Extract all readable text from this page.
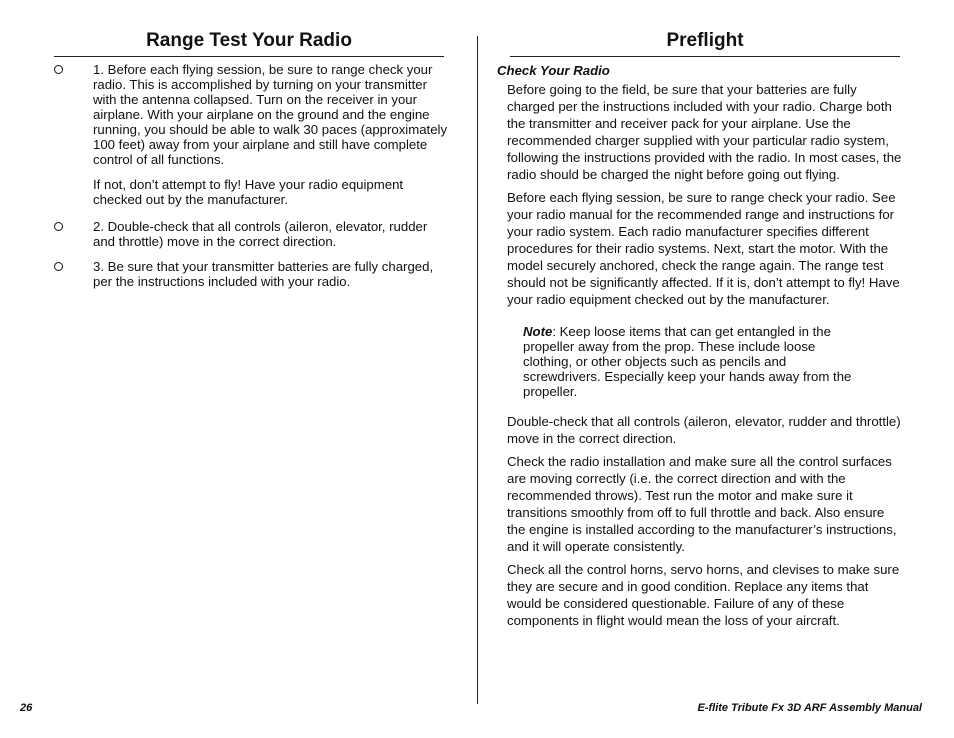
Range Test Your Radio	Preflight

1. Before each flying session, be sure to range check your radio. This is accomplished by turning on your transmitter with the antenna collapsed. Turn on the receiver in your airplane. With your airplane on the ground and the engine running, you should be able to walk 30 paces (approximately 100 feet) away from your airplane and still have complete control of all functions.

If not, don’t attempt to fly! Have your radio equipment checked out by the manufacturer.

2. Double-check that all controls (aileron, elevator, rudder and throttle) move in the correct direction.

3. Be sure that your transmitter batteries are fully charged, per the instructions included with your radio.

Check Your Radio

Before going to the field, be sure that your batteries are fully charged per the instructions included with your radio. Charge both the transmitter and receiver pack for your airplane. Use the recommended charger supplied with your particular radio system, following the instructions provided with the radio. In most cases, the radio should be charged the night before going out flying.

Before each flying session, be sure to range check your radio. See your radio manual for the recommended range and instructions for your radio system. Each radio manufacturer specifies different procedures for their radio systems. Next, start the motor. With the model securely anchored, check the range again. The range test should not be significantly affected. If it is, don’t attempt to fly! Have your radio equipment checked out by the manufacturer.

Note: Keep loose items that can get entangled in the propeller away from the prop. These include loose clothing, or other objects such as pencils and screwdrivers. Especially keep your hands away from the propeller.

Double-check that all controls (aileron, elevator, rudder and throttle) move in the correct direction.

Check the radio installation and make sure all the control surfaces are moving correctly (i.e. the correct direction and with the recommended throws). Test run the motor and make sure it transitions smoothly from off to full throttle and back. Also ensure the engine is installed according to the manufacturer’s instructions, and it will operate consistently.

Check all the control horns, servo horns, and clevises to make sure they are secure and in good condition. Replace any items that would be considered questionable. Failure of any of these components in flight would mean the loss of your aircraft.

26	E-flite Tribute Fx 3D ARF Assembly Manual
